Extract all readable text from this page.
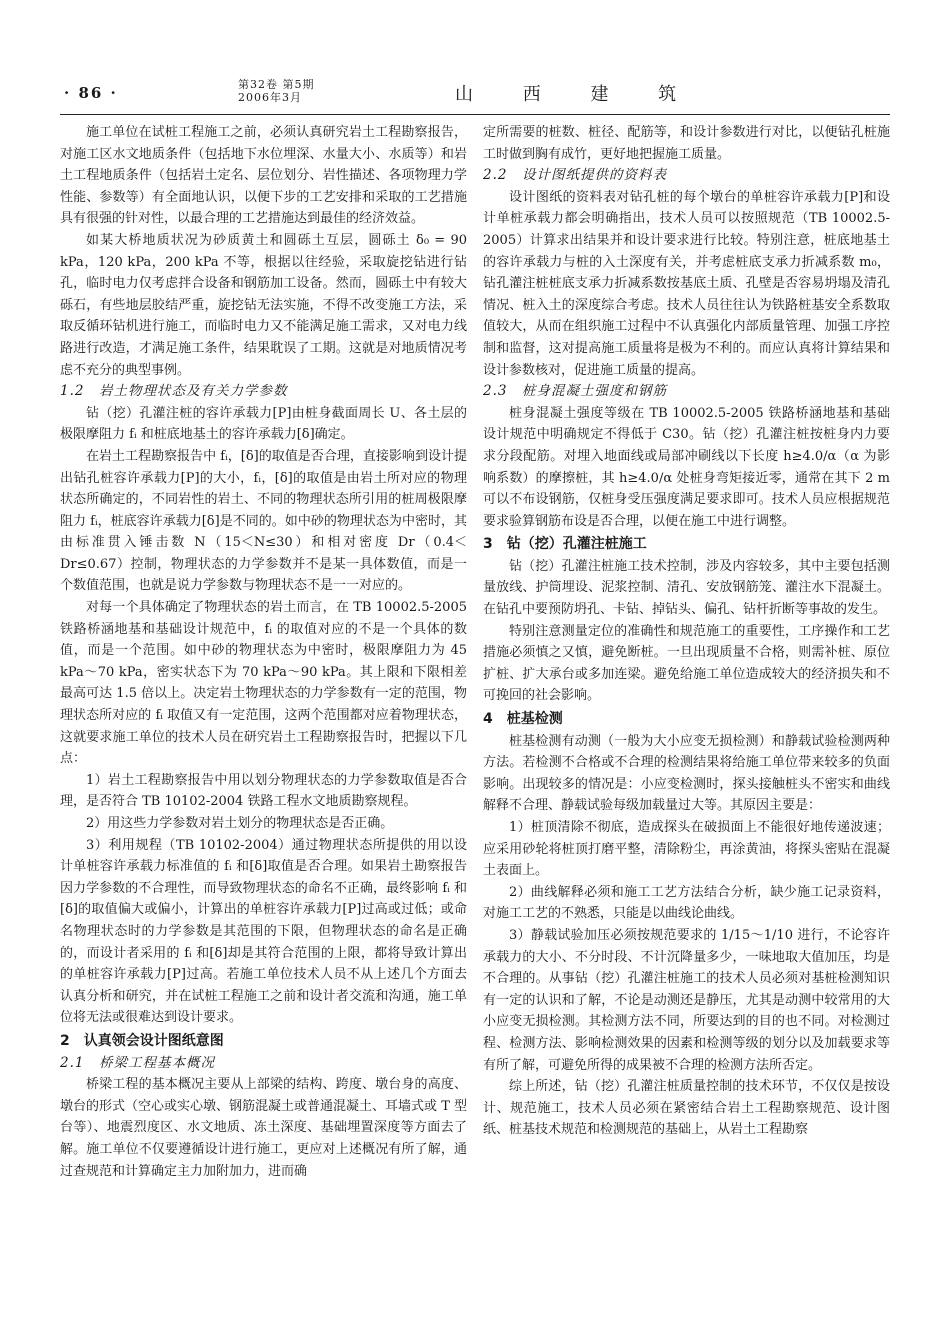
· 86 ·	第32卷 第5期
2006年3月	山 西 建 筑

施工单位在试桩工程施工之前，必须认真研究岩土工程勘察报告，对施工区水文地质条件（包括地下水位埋深、水量大小、水质等）和岩土工程地质条件（包括岩土定名、层位划分、岩性描述、各项物理力学性能、参数等）有全面地认识，以便下步的工艺安排和采取的工艺措施具有很强的针对性，以最合理的工艺措施达到最佳的经济效益。

如某大桥地质状况为砂质黄土和圆砾土互层，圆砾土 δ₀ = 90 kPa，120 kPa，200 kPa 不等，根据以往经验，采取旋挖钻进行钻孔，临时电力仅考虑拌合设备和钢筋加工设备。然而，圆砾土中有较大砾石，有些地层胶结严重，旋挖钻无法实施，不得不改变施工方法，采取反循环钻机进行施工，而临时电力又不能满足施工需求，又对电力线路进行改造，才满足施工条件，结果耽误了工期。这就是对地质情况考虑不充分的典型事例。

1.2　岩土物理状态及有关力学参数

钻（挖）孔灌注桩的容许承载力[P]由桩身截面周长 U、各土层的极限摩阻力 fᵢ 和桩底地基土的容许承载力[δ]确定。

在岩土工程勘察报告中 fᵢ，[δ]的取值是否合理，直接影响到设计提出钻孔桩容许承载力[P]的大小，fᵢ，[δ]的取值是由岩土所对应的物理状态所确定的，不同岩性的岩土、不同的物理状态所引用的桩周极限摩阻力 fᵢ，桩底容许承载力[δ]是不同的。如中砂的物理状态为中密时，其由标准贯入锤击数 N（15＜N≤30）和相对密度 Dr（0.4＜Dr≤0.67）控制，物理状态的力学参数并不是某一具体数值，而是一个数值范围，也就是说力学参数与物理状态不是一一对应的。

对每一个具体确定了物理状态的岩土而言，在 TB 10002.5-2005 铁路桥涵地基和基础设计规范中，fᵢ 的取值对应的不是一个具体的数值，而是一个范围。如中砂的物理状态为中密时，极限摩阻力为 45 kPa～70 kPa，密实状态下为 70 kPa～90 kPa。其上限和下限相差最高可达 1.5 倍以上。决定岩土物理状态的力学参数有一定的范围，物理状态所对应的 fᵢ 取值又有一定范围，这两个范围都对应着物理状态，这就要求施工单位的技术人员在研究岩土工程勘察报告时，把握以下几点：

1）岩土工程勘察报告中用以划分物理状态的力学参数取值是否合理，是否符合 TB 10102-2004 铁路工程水文地质勘察规程。

2）用这些力学参数对岩土划分的物理状态是否正确。

3）利用规程（TB 10102-2004）通过物理状态所提供的用以设计单桩容许承载力标准值的 fᵢ 和[δ]取值是否合理。如果岩土勘察报告因力学参数的不合理性，而导致物理状态的命名不正确，最终影响 fᵢ 和[δ]的取值偏大或偏小，计算出的单桩容许承载力[P]过高或过低；或命名物理状态时的力学参数是其范围的下限，但物理状态的命名是正确的，而设计者采用的 fᵢ 和[δ]却是其符合范围的上限，都将导致计算出的单桩容许承载力[P]过高。若施工单位技术人员不从上述几个方面去认真分析和研究，并在试桩工程施工之前和设计者交流和沟通，施工单位将无法或很难达到设计要求。

2　认真领会设计图纸意图

2.1　桥梁工程基本概况

桥梁工程的基本概况主要从上部梁的结构、跨度、墩台身的高度、墩台的形式（空心或实心墩、钢筋混凝土或普通混凝土、耳墙式或 T 型台等）、地震烈度区、水文地质、冻土深度、基础埋置深度等方面去了解。施工单位不仅要遵循设计进行施工，更应对上述概况有所了解，通过查规范和计算确定主力加附加力，进而确

定所需要的桩数、桩径、配筋等，和设计参数进行对比，以便钻孔桩施工时做到胸有成竹，更好地把握施工质量。

2.2　设计图纸提供的资料表

设计图纸的资料表对钻孔桩的每个墩台的单桩容许承载力[P]和设计单桩承载力都会明确指出，技术人员可以按照规范（TB 10002.5-2005）计算求出结果并和设计要求进行比较。特别注意，桩底地基土的容许承载力与桩的入土深度有关，并考虑桩底支承力折减系数 m₀，钻孔灌注桩桩底支承力折减系数按基底土质、孔壁是否容易坍塌及清孔情况、桩入土的深度综合考虑。技术人员往往认为铁路桩基安全系数取值较大，从而在组织施工过程中不认真强化内部质量管理、加强工序控制和监督，这对提高施工质量将是极为不利的。而应认真将计算结果和设计参数核对，促进施工质量的提高。

2.3　桩身混凝土强度和钢筋

桩身混凝土强度等级在 TB 10002.5-2005 铁路桥涵地基和基础设计规范中明确规定不得低于 C30。钻（挖）孔灌注桩按桩身内力要求分段配筋。对埋入地面线或局部冲刷线以下长度 h≥4.0/α（α 为影响系数）的摩擦桩，其 h≥4.0/α 处桩身弯矩接近零，通常在其下 2 m 可以不布设钢筋，仅桩身受压强度满足要求即可。技术人员应根据规范要求验算钢筋布设是否合理，以便在施工中进行调整。

3　钻（挖）孔灌注桩施工

钻（挖）孔灌注桩施工技术控制，涉及内容较多，其中主要包括测量放线、护筒埋设、泥浆控制、清孔、安放钢筋笼、灌注水下混凝土。在钻孔中要预防坍孔、卡钻、掉钻头、偏孔、钻杆折断等事故的发生。

特别注意测量定位的准确性和规范施工的重要性，工序操作和工艺措施必须慎之又慎，避免断桩。一旦出现质量不合格，则需补桩、原位扩桩、扩大承台或多加连梁。避免给施工单位造成较大的经济损失和不可挽回的社会影响。

4　桩基检测

桩基检测有动测（一般为大小应变无损检测）和静载试验检测两种方法。若检测不合格或不合理的检测结果将给施工单位带来较多的负面影响。出现较多的情况是：小应变检测时，探头接触桩头不密实和曲线解释不合理、静载试验每级加载量过大等。其原因主要是：

1）桩顶清除不彻底，造成探头在破损面上不能很好地传递波速；应采用砂轮将桩顶打磨平整，清除粉尘，再涂黄油，将探头密贴在混凝土表面上。

2）曲线解释必须和施工工艺方法结合分析，缺少施工记录资料，对施工工艺的不熟悉，只能是以曲线论曲线。

3）静载试验加压必须按规范要求的 1/15～1/10 进行，不论容许承载力的大小、不分时段、不计沉降量多少，一味地取大值加压，均是不合理的。从事钻（挖）孔灌注桩施工的技术人员必须对基桩检测知识有一定的认识和了解，不论是动测还是静压，尤其是动测中较常用的大小应变无损检测。其检测方法不同，所要达到的目的也不同。对检测过程、检测方法、影响检测效果的因素和检测等级的划分以及加载要求等有所了解，可避免所得的成果被不合理的检测方法所否定。

综上所述，钻（挖）孔灌注桩质量控制的技术环节，不仅仅是按设计、规范施工，技术人员必须在紧密结合岩土工程勘察规范、设计图纸、桩基技术规范和检测规范的基础上，从岩土工程勘察
